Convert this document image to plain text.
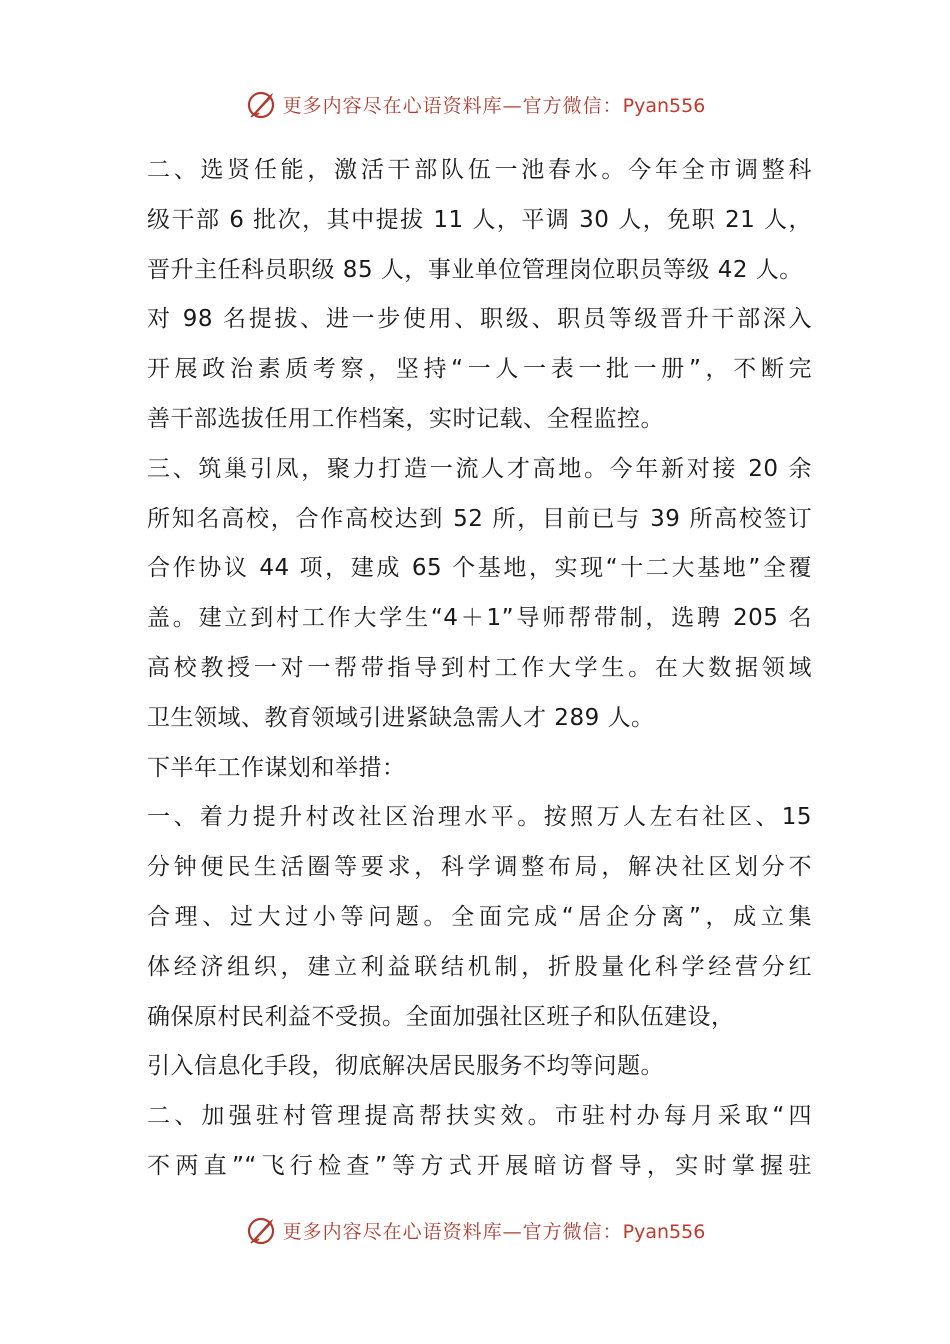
更多内容尽在心语资料库—官方微信：Pyan556
二、选贤任能，激活干部队伍一池春水。今年全市调整科
级干部 6 批次，其中提拔 11 人，平调 30 人，免职 21 人，
晋升主任科员职级 85 人，事业单位管理岗位职员等级 42 人。
对 98 名提拔、进一步使用、职级、职员等级晋升干部深入
开展政治素质考察，坚持“一人一表一批一册”，不断完
善干部选拔任用工作档案，实时记载、全程监控。
三、筑巢引凤，聚力打造一流人才高地。今年新对接 20 余
所知名高校，合作高校达到 52 所，目前已与 39 所高校签订
合作协议 44 项，建成 65 个基地，实现“十二大基地”全覆
盖。建立到村工作大学生“4＋1”导师帮带制，选聘 205 名
高校教授一对一帮带指导到村工作大学生。在大数据领域
卫生领域、教育领域引进紧缺急需人才 289 人。
下半年工作谋划和举措：
一、着力提升村改社区治理水平。按照万人左右社区、15
分钟便民生活圈等要求，科学调整布局，解决社区划分不
合理、过大过小等问题。全面完成“居企分离”，成立集
体经济组织，建立利益联结机制，折股量化科学经营分红
确保原村民利益不受损。全面加强社区班子和队伍建设，
引入信息化手段，彻底解决居民服务不均等问题。
二、加强驻村管理提高帮扶实效。市驻村办每月采取“四
不两直”“飞行检查”等方式开展暗访督导，实时掌握驻
更多内容尽在心语资料库—官方微信：Pyan556
